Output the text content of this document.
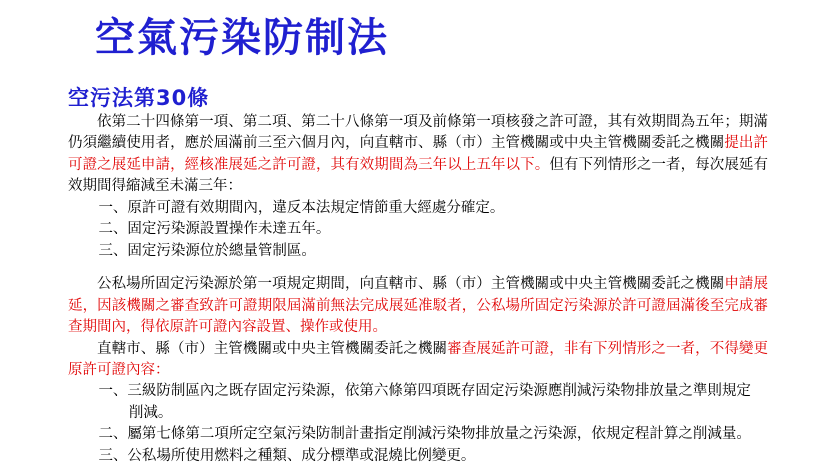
空氣污染防制法
空污法第30條
依第二十四條第一項、第二項、第二十八條第一項及前條第一項核發之許可證，其有效期間為五年；期滿仍須繼續使用者，應於屆滿前三至六個月內，向直轄市、縣（市）主管機關或中央主管機關委託之機關提出許可證之展延申請，經核准展延之許可證，其有效期間為三年以上五年以下。但有下列情形之一者，每次展延有效期間得縮減至未滿三年：
一、原許可證有效期間內，違反本法規定情節重大經處分確定。
二、固定污染源設置操作未達五年。
三、固定污染源位於總量管制區。
公私場所固定污染源於第一項規定期間，向直轄市、縣（市）主管機關或中央主管機關委託之機關申請展延，因該機關之審查致許可證期限屆滿前無法完成展延准駁者，公私場所固定污染源於許可證屆滿後至完成審查期間內，得依原許可證內容設置、操作或使用。
直轄市、縣（市）主管機關或中央主管機關委託之機關審查展延許可證，非有下列情形之一者，不得變更原許可證內容：
一、三級防制區內之既存固定污染源，依第六條第四項既存固定污染源應削減污染物排放量之準則規定
削減。
二、屬第七條第二項所定空氣污染防制計畫指定削減污染物排放量之污染源，依規定程計算之削減量。
三、公私場所使用燃料之種類、成分標準或混燒比例變更。
